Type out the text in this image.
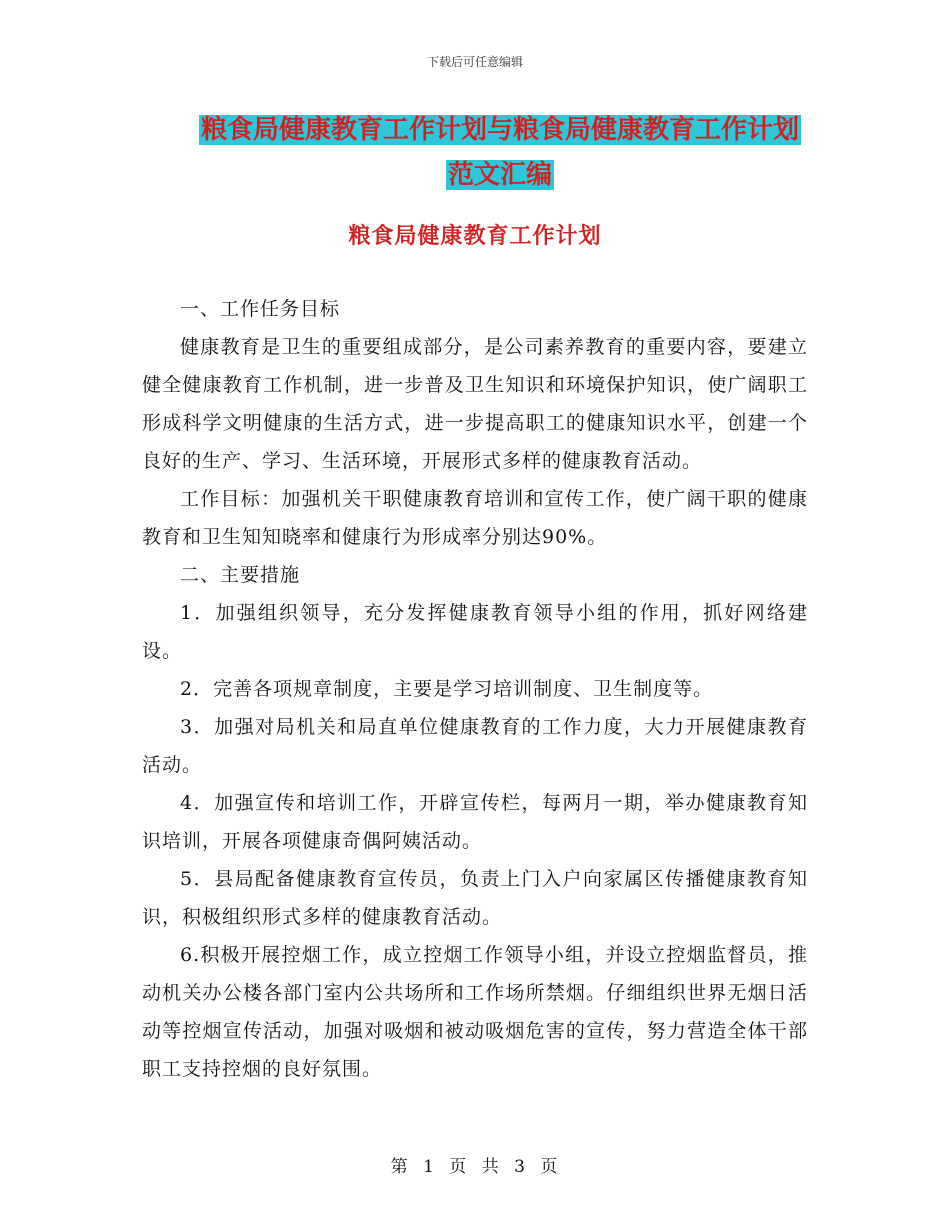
下载后可任意编辑
粮食局健康教育工作计划与粮食局健康教育工作计划
范文汇编
粮食局健康教育工作计划

一、工作任务目标

健康教育是卫生的重要组成部分，是公司素养教育的重要内容，要建立健全健康教育工作机制，进一步普及卫生知识和环境保护知识，使广阔职工形成科学文明健康的生活方式，进一步提高职工的健康知识水平，创建一个良好的生产、学习、生活环境，开展形式多样的健康教育活动。

工作目标：加强机关干职健康教育培训和宣传工作，使广阔干职的健康教育和卫生知知晓率和健康行为形成率分别达90%。

二、主要措施

1．加强组织领导，充分发挥健康教育领导小组的作用，抓好网络建设。

2．完善各项规章制度，主要是学习培训制度、卫生制度等。

3．加强对局机关和局直单位健康教育的工作力度，大力开展健康教育活动。

4．加强宣传和培训工作，开辟宣传栏，每两月一期，举办健康教育知识培训，开展各项健康奇偶阿姨活动。

5．县局配备健康教育宣传员，负责上门入户向家属区传播健康教育知识，积极组织形式多样的健康教育活动。

6.积极开展控烟工作，成立控烟工作领导小组，并设立控烟监督员，推动机关办公楼各部门室内公共场所和工作场所禁烟。仔细组织世界无烟日活动等控烟宣传活动，加强对吸烟和被动吸烟危害的宣传，努力营造全体干部职工支持控烟的良好氛围。

第 1 页 共 3 页
